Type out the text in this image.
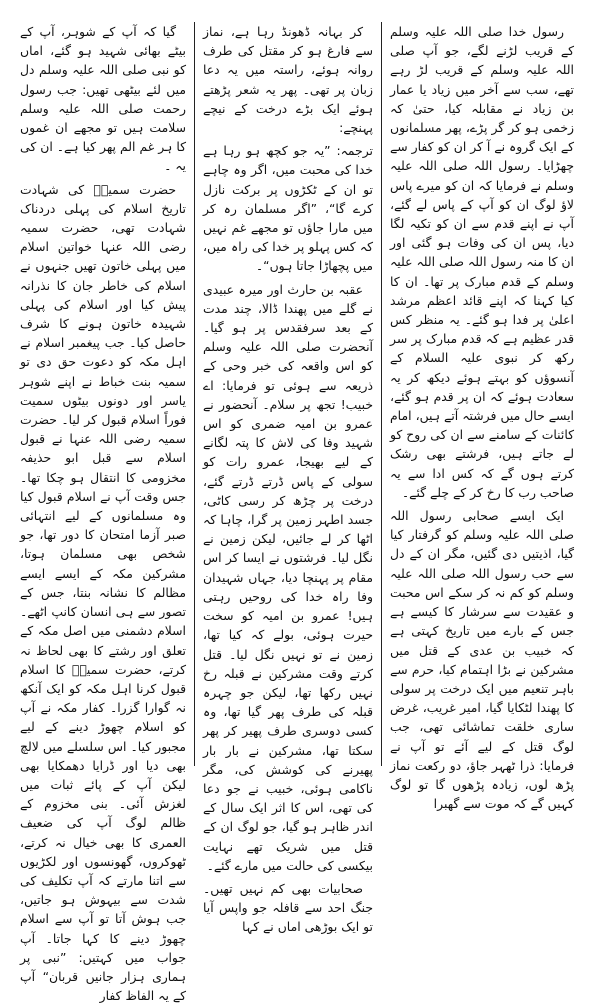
رسول خدا صلی اللہ علیہ وسلم کے قریب لڑنے لگے، جو آپ صلی اللہ علیہ وسلم کے قریب لڑ رہے تھے، سب سے آخر میں زیاد یا عمار بن زیاد نے مقابلہ کیا، حتیٰ کہ زخمی ہو کر گر پڑے، پھر مسلمانوں کے ایک گروہ نے آ کر ان کو کفار سے چھڑایا۔ رسول اللہ صلی اللہ علیہ وسلم نے فرمایا کہ ان کو میرے پاس لاؤ لوگ ان کو آپ کے پاس لے گئے، آپ نے اپنے قدم سے ان کو تکیہ لگا دیا، پس ان کی وفات ہو گئی اور ان کا منہ رسول اللہ صلی اللہ علیہ وسلم کے قدم مبارک پر تھا۔ ان کا کیا کہنا کہ اپنے قائد اعظم مرشد اعلیٰ پر فدا ہو گئے۔ یہ منظر کس قدر عظیم ہے کہ قدم مبارک پر سر رکھ کر نبوی علیہ السلام کے آنسوؤں کو بہتے ہوئے دیکھ کر یہ سعادت ہوئے کہ ان پر قدم ہو گئے، ایسے حال میں فرشتہ آتے ہیں، امام کائنات کے سامنے سے ان کی روح کو لے جاتے ہیں، فرشتے بھی رشک کرتے ہوں گے کہ کس ادا سے یہ صاحب رب کا رخ کر کے چلے گئے۔

ایک ایسے صحابی رسول اللہ صلی اللہ علیہ وسلم کو گرفتار کیا گیا، اذیتیں دی گئیں، مگر ان کے دل سے حب رسول اللہ صلی اللہ علیہ وسلم کو کم نہ کر سکے اس محبت و عقیدت سے سرشار کا کیسے ہے جس کے بارے میں تاریخ کہتی ہے کہ خبیب بن عدی کے قتل میں مشرکین نے بڑا اہتمام کیا، حرم سے باہر تنعیم میں ایک درخت پر سولی کا پھندا لٹکایا گیا، امیر غریب، غرض ساری خلقت تماشائی تھی، جب لوگ قتل کے لیے آئے تو آپ نے فرمایا: ذرا ٹھہر جاؤ، دو رکعت نماز پڑھ لوں، زیادہ پڑھوں گا تو لوگ کہیں گے کہ موت سے گھبرا

کر بہانہ ڈھونڈ رہا ہے، نماز سے فارغ ہو کر مقتل کی طرف روانہ ہوئے، راستہ میں یہ دعا زبان پر تھی۔ پھر یہ شعر پڑھتے ہوئے ایک بڑے درخت کے نیچے پہنچے:

ترجمہ: ”یہ جو کچھ ہو رہا ہے خدا کی محبت میں، اگر وہ چاہے تو ان کے ٹکڑوں پر برکت نازل کرے گا“، ”اگر مسلمان رہ کر میں مارا جاؤں تو مجھے غم نہیں کہ کس پہلو پر خدا کی راہ میں، میں پچھاڑا جاتا ہوں“۔

عقبہ بن حارث اور میرہ عبیدی نے گلے میں پھندا ڈالا، چند مدت کے بعد سرفقدس پر ہو گیا۔ آنحضرت صلی اللہ علیہ وسلم کو اس واقعہ کی خبر وحی کے ذریعہ سے ہوئی تو فرمایا: اے خبیب! تجھ پر سلام۔ آنحضور نے عمرو بن امیہ ضمری کو اس شہید وفا کی لاش کا پتہ لگانے کے لیے بھیجا، عمرو رات کو سولی کے پاس ڈرتے ڈرتے گئے، درخت پر چڑھ کر رسی کاٹی، جسد اطہر زمین پر گرا، چاہا کہ اٹھا کر لے جائیں، لیکن زمین نے نگل لیا۔ فرشتوں نے ایسا کر اس مقام پر پہنچا دیا، جہاں شہیدان وفا راہ خدا کی روحیں رہتی ہیں! عمرو بن امیہ کو سخت حیرت ہوئی، بولے کہ کیا تھا، زمین نے تو نہیں نگل لیا۔ قتل کرتے وقت مشرکین نے قبلہ رخ نہیں رکھا تھا، لیکن جو چہرہ قبلہ کی طرف پھر گیا تھا، وہ کسی دوسری طرف پھیر کر پھر سکتا تھا، مشرکین نے بار بار پھیرنے کی کوشش کی، مگر ناکامی ہوئی، خبیب نے جو دعا کی تھی، اس کا اثر ایک سال کے اندر ظاہر ہو گیا، جو لوگ ان کے قتل میں شریک تھے نہایت بیکسی کی حالت میں مارے گئے۔

صحابیات بھی کم نہیں تھیں۔ جنگ احد سے قافلہ جو واپس آیا تو ایک بوڑھی اماں نے کہا

گیا کہ آپ کے شوہر، آپ کے بیٹے بھائی شہید ہو گئے، اماں کو نبی صلی اللہ علیہ وسلم دل میں لئے بیٹھی تھیں: جب رسول رحمت صلی اللہ علیہ وسلم سلامت ہیں تو مجھے ان غموں کا ہر غم الم پھر کیا ہے۔ ان کی یہ ۔

حضرت سمیہؓ کی شہادت تاریخ اسلام کی پہلی دردناک شہادت تھی، حضرت سمیہ رضی اللہ عنہا خواتین اسلام میں پہلی خاتون تھیں جنہوں نے اسلام کی خاطر جان کا نذرانہ پیش کیا اور اسلام کی پہلی شہیدہ خاتون ہونے کا شرف حاصل کیا۔ جب پیغمبر اسلام نے اہل مکہ کو دعوت حق دی تو سمیہ بنت خباط نے اپنے شوہر یاسر اور دونوں بیٹوں سمیت فوراً اسلام قبول کر لیا۔ حضرت سمیہ رضی اللہ عنہا نے قبول اسلام سے قبل ابو حذیفہ مخزومی کا انتقال ہو چکا تھا۔ جس وقت آپ نے اسلام قبول کیا وہ مسلمانوں کے لیے انتہائی صبر آزما امتحان کا دور تھا، جو شخص بھی مسلمان ہوتا، مشرکین مکہ کے ایسے ایسے مظالم کا نشانہ بنتا، جس کے تصور سے ہی انسان کانپ اٹھے۔ اسلام دشمنی میں اصل مکہ کے تعلق اور رشتے کا بھی لحاظ نہ کرتے، حضرت سمیہؓ کا اسلام قبول کرنا اہل مکہ کو ایک آنکھ نہ گوارا گزرا۔ کفار مکہ نے آپ کو اسلام چھوڑ دینے کے لیے مجبور کیا۔ اس سلسلے میں لالچ بھی دیا اور ڈرایا دھمکایا بھی لیکن آپ کے پائے ثبات میں لغزش آئی۔ بنی مخزوم کے ظالم لوگ آپ کی ضعیف العمری کا بھی خیال نہ کرتے، ٹھوکروں، گھونسوں اور لکڑیوں سے اتنا مارتے کہ آپ تکلیف کی شدت سے بیہوش ہو جاتیں، جب ہوش آتا تو آپ سے اسلام چھوڑ دینے کا کہا جاتا۔ آپ جواب میں کہتیں: ”نبی پر ہماری ہزار جانیں قربان“ آپ کے یہ الفاظ کفار
